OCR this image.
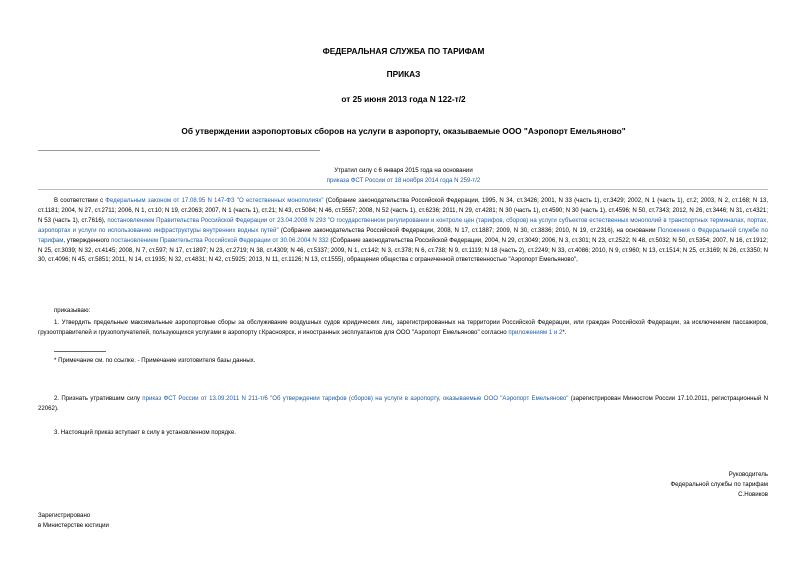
ФЕДЕРАЛЬНАЯ СЛУЖБА ПО ТАРИФАМ
ПРИКАЗ
от 25 июня 2013 года N 122-т/2
Об утверждении аэропортовых сборов на услуги в аэропорту, оказываемые ООО "Аэропорт Емельяново"
Утратил силу с 6 января 2015 года на основании
приказа ФСТ России от 18 ноября 2014 года N 259-т/2
В соответствии с Федеральным законом от 17.08.95 N 147-ФЗ "О естественных монополиях" (Собрание законодательства Российской Федерации, 1995, N 34, ст.3426; 2001, N 33 (часть 1), ст.3429; 2002, N 1 (часть 1), ст.2; 2003, N 2, ст.168; N 13, ст.1181; 2004, N 27, ст.2711; 2006, N 1, ст.10; N 19, ст.2063; 2007, N 1 (часть 1), ст.21; N 43, ст.5084; N 46, ст.5557; 2008, N 52 (часть 1), ст.6236; 2011, N 29, ст.4281; N 30 (часть 1), ст.4590; N 30 (часть 1), ст.4596; N 50, ст.7343; 2012, N 26, ст.3446; N 31, ст.4321; N 53 (часть 1), ст.7616), постановлением Правительства Российской Федерации от 23.04.2008 N 293 "О государственном регулировании и контроле цен (тарифов, сборов) на услуги субъектов естественных монополий в транспортных терминалах, портах, аэропортах и услуги по использованию инфраструктуры внутренних водных путей" (Собрание законодательства Российской Федерации, 2008, N 17, ст.1887; 2009, N 30, ст.3836; 2010, N 19, ст.2316), на основании Положения о Федеральной службе по тарифам, утвержденного постановлением Правительства Российской Федерации от 30.06.2004 N 332 (Собрание законодательства Российской Федерации, 2004, N 29, ст.3049; 2006, N 3, ст.301; N 23, ст.2522; N 48, ст.5032; N 50, ст.5354; 2007, N 16, ст.1912; N 25, ст.3039; N 32, ст.4145; 2008, N 7, ст.597; N 17, ст.1897; N 23, ст.2719; N 38, ст.4309; N 46, ст.5337; 2009, N 1, ст.142; N 3, ст.378; N 6, ст.738; N 9, ст.1119; N 18 (часть 2), ст.2249; N 33, ст.4086; 2010, N 9, ст.960; N 13, ст.1514; N 25, ст.3169; N 26, ст.3350; N 30, ст.4096; N 45, ст.5851; 2011, N 14, ст.1935; N 32, ст.4831; N 42, ст.5925; 2013, N 11, ст.1126; N 13, ст.1555), обращения общества с ограниченной ответственностью "Аэропорт Емельяново",
приказываю:
1. Утвердить предельные максимальные аэропортовые сборы за обслуживание воздушных судов юридических лиц, зарегистрированных на территории Российской Федерации, или граждан Российской Федерации, за исключением пассажиров, грузоотправителей и грузополучателей, пользующихся услугами в аэропорту г.Красноярск, и иностранных эксплуатантов для ООО "Аэропорт Емельяново" согласно приложениям 1 и 2*.
* Примечание см. по ссылке. - Примечание изготовителя базы данных.
2. Признать утратившим силу приказ ФСТ России от 13.09.2011 N 211-т/6 "Об утверждении тарифов (сборов) на услуги в аэропорту, оказываемые ООО "Аэропорт Емельяново" (зарегистрирован Минюстом России 17.10.2011, регистрационный N 22062).
3. Настоящий приказ вступает в силу в установленном порядке.
Руководитель
Федеральной службы по тарифам
С.Новиков
Зарегистрировано
в Министерстве юстиции
